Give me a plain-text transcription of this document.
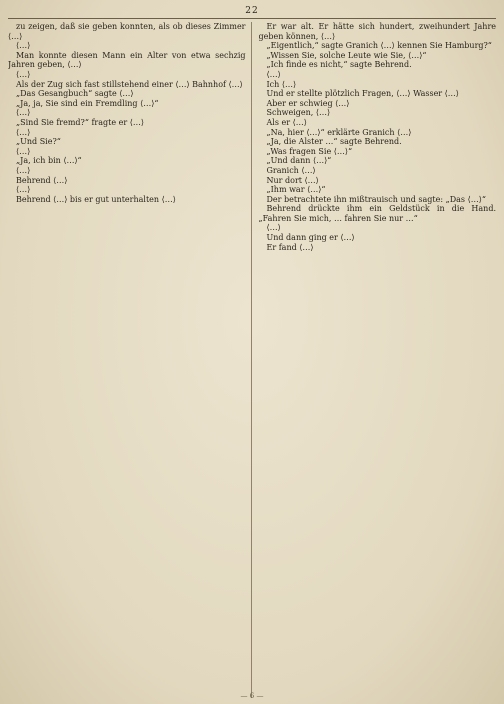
22

zu zeigen, daß sie geben konnten, als ob dieses Zimmer ⟨…⟩

⟨…⟩

Man konnte diesen Mann ein Alter von etwa sechzig Jahren geben, ⟨…⟩

⟨…⟩

Als der Zug sich fast stillstehend einer ⟨…⟩ Bahnhof ⟨…⟩

„Das Gesangbuch“ sagte ⟨…⟩

„Ja, ja, Sie sind ein Fremdling ⟨…⟩“

⟨…⟩

„Sind Sie fremd?“ fragte er ⟨…⟩

⟨…⟩

„Und Sie?“

⟨…⟩

„Ja, ich bin ⟨…⟩“

⟨…⟩

Behrend ⟨…⟩

⟨…⟩

Behrend ⟨…⟩ bis er gut unterhalten ⟨…⟩

Er war alt. Er hätte sich hundert, zweihundert Jahre geben können, ⟨…⟩

„Eigentlich,“ sagte Granich ⟨…⟩ kennen Sie Hamburg?“

„Wissen Sie, solche Leute wie Sie, ⟨…⟩“

„Ich finde es nicht,“ sagte Behrend.

⟨…⟩

Ich ⟨…⟩

Und er stellte plötzlich Fragen, ⟨…⟩ Wasser ⟨…⟩

Aber er schwieg ⟨…⟩

Schweigen, ⟨…⟩

Als er ⟨…⟩

„Na, hier ⟨…⟩“ erklärte Granich ⟨…⟩

„Ja, die Alster …“ sagte Behrend.

„Was fragen Sie ⟨…⟩“

„Und dann ⟨…⟩“

Granich ⟨…⟩

Nur dort ⟨…⟩

„Ihm war ⟨…⟩“

Der betrachtete ihn mißtrauisch und sagte: „Das ⟨…⟩“

Behrend drückte ihm ein Geldstück in die Hand. „Fahren Sie mich, … fahren Sie nur …“

⟨…⟩

Und dann ging er ⟨…⟩

Er fand ⟨…⟩

— 6 —
